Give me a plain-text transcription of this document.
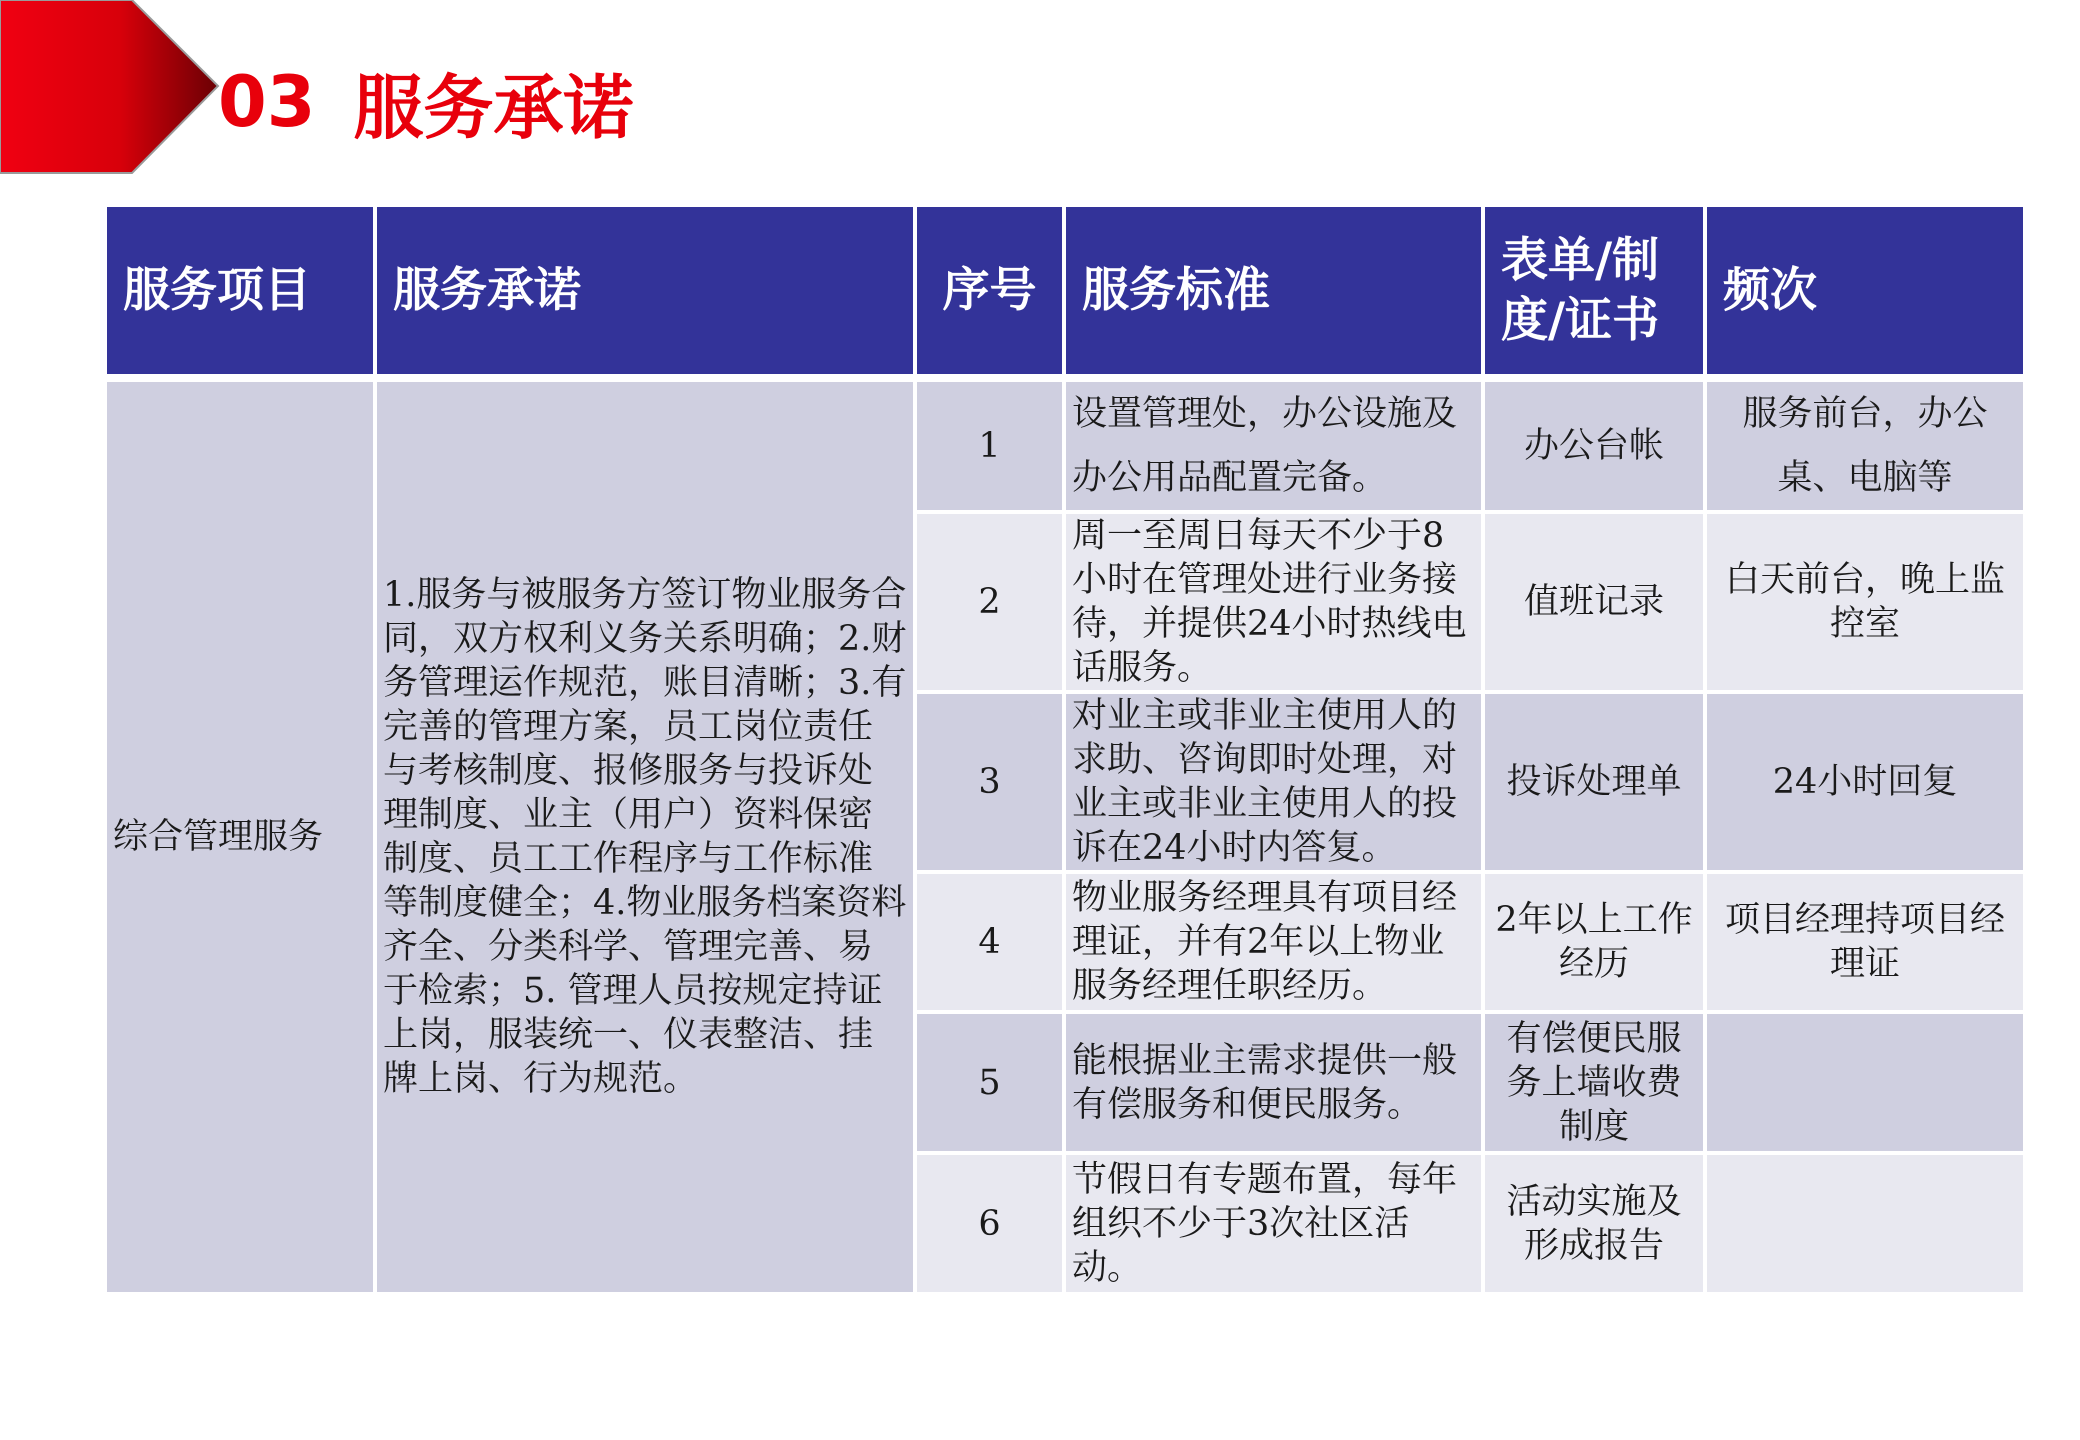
03 服务承诺
服务项目	服务承诺	序号	服务标准	表单/制度/证书	频次

综合管理服务	1.服务与被服务方签订物业服务合同，双方权利义务关系明确；2.财务管理运作规范，账目清晰；3.有完善的管理方案，员工岗位责任与考核制度、报修服务与投诉处理制度、业主（用户）资料保密制度、员工工作程序与工作标准等制度健全；4.物业服务档案资料齐全、分类科学、管理完善、易于检索；5. 管理人员按规定持证上岗，服装统一、仪表整洁、挂牌上岗、行为规范。	1	设置管理处，办公设施及办公用品配置完备。	办公台帐	服务前台，办公桌、电脑等
		2	周一至周日每天不少于8小时在管理处进行业务接待，并提供24小时热线电话服务。	值班记录	白天前台，晚上监控室
		3	对业主或非业主使用人的求助、咨询即时处理，对业主或非业主使用人的投诉在24小时内答复。	投诉处理单	24小时回复
		4	物业服务经理具有项目经理证，并有2年以上物业服务经理任职经历。	2年以上工作经历	项目经理持项目经理证
		5	能根据业主需求提供一般有偿服务和便民服务。	有偿便民服务上墙收费制度	
		6	节假日有专题布置，每年组织不少于3次社区活动。	活动实施及形成报告	
